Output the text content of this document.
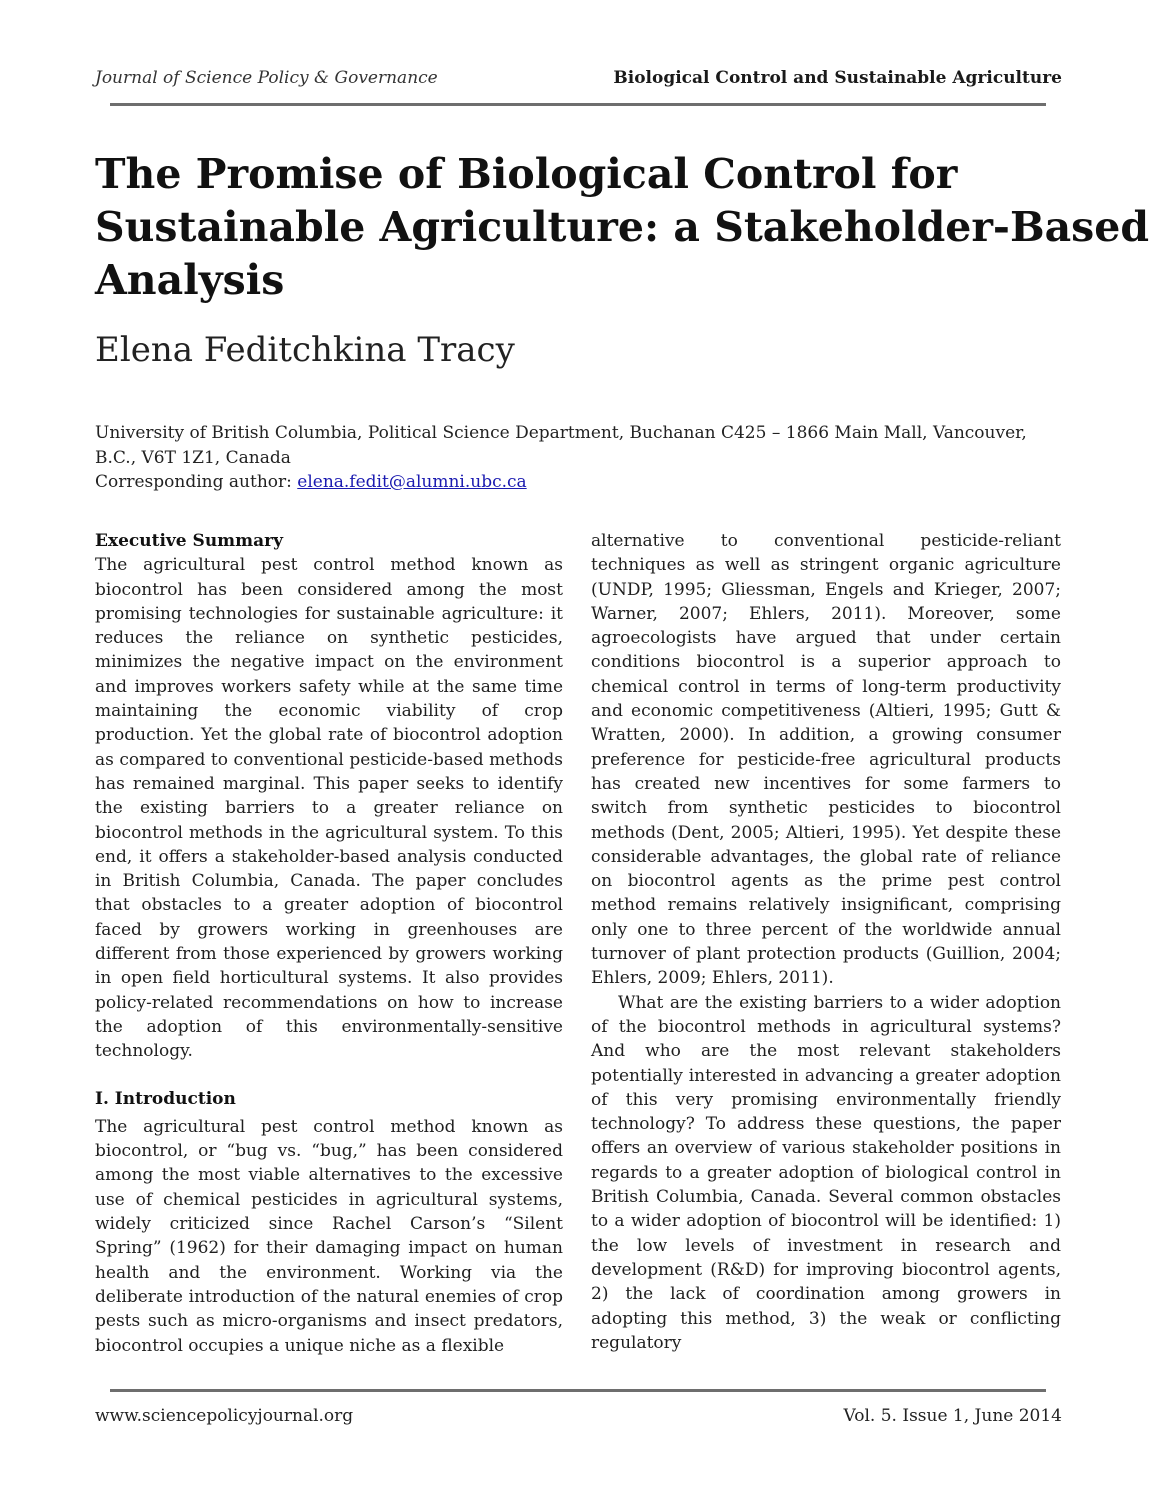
Journal of Science Policy & Governance	Biological Control and Sustainable Agriculture
The Promise of Biological Control for
Sustainable Agriculture: a Stakeholder-Based
Analysis
Elena Feditchkina Tracy
University of British Columbia, Political Science Department, Buchanan C425 – 1866 Main Mall, Vancouver,
B.C., V6T 1Z1, Canada
Corresponding author: elena.fedit@alumni.ubc.ca
Executive Summary

The agricultural pest control method known as biocontrol has been considered among the most promising technologies for sustainable agriculture: it reduces the reliance on synthetic pesticides, minimizes the negative impact on the environment and improves workers safety while at the same time maintaining the economic viability of crop production. Yet the global rate of biocontrol adoption as compared to conventional pesticide-based methods has remained marginal. This paper seeks to identify the existing barriers to a greater reliance on biocontrol methods in the agricultural system. To this end, it offers a stakeholder-based analysis conducted in British Columbia, Canada. The paper concludes that obstacles to a greater adoption of biocontrol faced by growers working in greenhouses are different from those experienced by growers working in open field horticultural systems. It also provides policy-related recommendations on how to increase the adoption of this environmentally-sensitive technology.

I. Introduction

The agricultural pest control method known as biocontrol, or “bug vs. “bug,” has been considered among the most viable alternatives to the excessive use of chemical pesticides in agricultural systems, widely criticized since Rachel Carson’s “Silent Spring” (1962) for their damaging impact on human health and the environment. Working via the deliberate introduction of the natural enemies of crop pests such as micro-organisms and insect predators, biocontrol occupies a unique niche as a flexible

alternative to conventional pesticide-reliant techniques as well as stringent organic agriculture (UNDP, 1995; Gliessman, Engels and Krieger, 2007; Warner, 2007; Ehlers, 2011). Moreover, some agroecologists have argued that under certain conditions biocontrol is a superior approach to chemical control in terms of long-term productivity and economic competitiveness (Altieri, 1995; Gutt & Wratten, 2000). In addition, a growing consumer preference for pesticide-free agricultural products has created new incentives for some farmers to switch from synthetic pesticides to biocontrol methods (Dent, 2005; Altieri, 1995). Yet despite these considerable advantages, the global rate of reliance on biocontrol agents as the prime pest control method remains relatively insignificant, comprising only one to three percent of the worldwide annual turnover of plant protection products (Guillion, 2004; Ehlers, 2009; Ehlers, 2011).

What are the existing barriers to a wider adoption of the biocontrol methods in agricultural systems? And who are the most relevant stakeholders potentially interested in advancing a greater adoption of this very promising environmentally friendly technology? To address these questions, the paper offers an overview of various stakeholder positions in regards to a greater adoption of biological control in British Columbia, Canada. Several common obstacles to a wider adoption of biocontrol will be identified: 1) the low levels of investment in research and development (R&D) for improving biocontrol agents, 2) the lack of coordination among growers in adopting this method, 3) the weak or conflicting regulatory

www.sciencepolicyjournal.org	Vol. 5. Issue 1, June 2014
